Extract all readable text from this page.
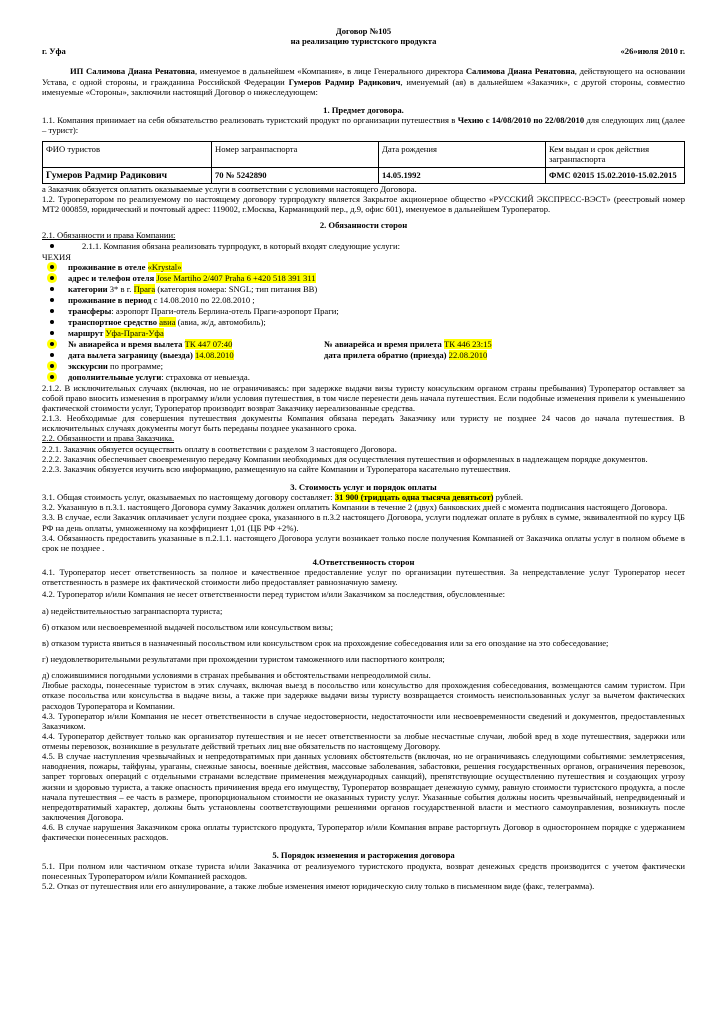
Договор №105

на реализацию туристского продукта

г. Уфа	«26»июля 2010 г.

ИП Салимова Диана Ренатовна, именуемое в дальнейшем «Компания», в лице Генерального директора Салимова Диана Ренатовна, действующего на основании Устава, с одной стороны, и гражданина Российской Федерации Гумеров Радмир Радикович, именуемый (ая) в дальнейшем «Заказчик», с другой стороны, совместно именуемые «Стороны», заключили настоящий Договор о нижеследующем:

1. Предмет договора.

1.1. Компания принимает на себя обязательство реализовать туристский продукт по организации путешествия в Чехию с 14/08/2010 по 22/08/2010 для следующих лиц (далее – турист):

ФИО туристов	Номер загранпаспорта	Дата рождения	Кем выдан и срок действия загранпаспорта
Гумеров Радмир Радикович	70 № 5242890	14.05.1992	ФМС 02015 15.02.2010-15.02.2015

а Заказчик обязуется оплатить оказываемые услуги в соответствии с условиями настоящего Договора.

1.2. Туроператором по реализуемому по настоящему договору турпродукту является Закрытое акционерное общество «РУССКИЙ ЭКСПРЕСС-ВЭСТ» (реестровый номер МТ2 000859, юридический и почтовый адрес: 119002, г.Москва, Карманицкий пер., д.9, офис 601), именуемое в дальнейшем Туроператор.

2. Обязанности сторон

2.1. Обязанности и права Компании:

2.1.1. Компания обязана реализовать турпродукт, в который входят следующие услуги:

ЧЕХИЯ

проживание в отеле «Krystal»
адрес и телефон отеля Jose Martiho 2/407 Praha 6 +420 518 391 311
категории 3* в г. Прага (категория номера: SNGL; тип питания BB)
проживание в период с 14.08.2010 по 22.08.2010 ;
трансферы: аэропорт Праги-отель Берлина-отель Праги-аэропорт Праги;
транспортное средство авиа (авиа, ж/д, автомобиль);
маршрут Уфа-Прага-Уфа
№ авиарейса и время вылета ТК 447 07:40	№ авиарейса и время прилета ТК 446 23:15
дата вылета заграницу (выезда) 14.08.2010	дата прилета обратно (приезда) 22.08.2010
экскурсии по программе;
дополнительные услуги: страховка от невыезда.

2.1.2. В исключительных случаях (включая, но не ограничиваясь: при задержке выдачи визы туристу консульским органом страны пребывания) Туроператор оставляет за собой право вносить изменения в программу и/или условия путешествия, в том числе перенести день начала путешествия. Если подобные изменения привели к уменьшению фактической стоимости услуг, Туроператор производит возврат Заказчику нереализованные средства.

2.1.3. Необходимые для совершения путешествия документы Компания обязана передать Заказчику или туристу не позднее 24 часов до начала путешествия. В исключительных случаях документы могут быть переданы позднее указанного срока.

2.2. Обязанности и права Заказчика.

2.2.1. Заказчик обязуется осуществить оплату в соответствии с разделом 3 настоящего Договора.

2.2.2. Заказчик обеспечивает своевременную передачу Компании необходимых для осуществления путешествия и оформленных в надлежащем порядке документов.

2.2.3. Заказчик обязуется изучить всю информацию, размещенную на сайте Компании и Туроператора касательно путешествия.

3. Стоимость услуг и порядок оплаты

3.1. Общая стоимость услуг, оказываемых по настоящему договору составляет: 31 900 (тридцать одна тысяча девятьсот) рублей.

3.2. Указанную в п.3.1. настоящего Договора сумму Заказчик должен оплатить Компании в течение 2 (двух) банковских дней с момента подписания настоящего Договора.

3.3. В случае, если Заказчик оплачивает услуги позднее срока, указанного в п.3.2 настоящего Договора, услуги подлежат оплате в рублях в сумме, эквивалентной по курсу ЦБ РФ на день оплаты, умноженному на коэффициент 1,01 (ЦБ РФ +2%).

3.4. Обязанность предоставить указанные в п.2.1.1. настоящего Договора услуги возникает только после получения Компанией от Заказчика оплаты услуг в полном объеме в срок не позднее .

4.Ответственность сторон

4.1. Туроператор несет ответственность за полное и качественное предоставление услуг по организации путешествия. За непредставление услуг Туроператор несет ответственность в размере их фактической стоимости либо предоставляет равнозначную замену.

4.2. Туроператор и/или Компания не несет ответственности перед туристом и/или Заказчиком за последствия, обусловленные:

а) недействительностью загранпаспорта туриста;

б) отказом или несвоевременной выдачей посольством или консульством визы;

в) отказом туриста явиться в назначенный посольством или консульством срок на прохождение собеседования или за его опоздание на это собеседование;

г) неудовлетворительными результатами при прохождении туристом таможенного или паспортного контроля;

д) сложившимися погодными условиями в странах пребывания и обстоятельствами непреодолимой силы.

Любые расходы, понесенные туристом в этих случаях, включая выезд в посольство или консульство для прохождения собеседования, возмещаются самим туристом. При отказе посольства или консульства в выдаче визы, а также при задержке выдачи визы туристу возвращается стоимость неиспользованных услуг за вычетом фактических расходов Туроператора и Компании.

4.3. Туроператор и/или Компания не несет ответственности в случае недостоверности, недостаточности или несвоевременности сведений и документов, предоставленных Заказчиком.

4.4. Туроператор действует только как организатор путешествия и не несет ответственности за любые несчастные случаи, любой вред в ходе путешествия, задержки или отмены перевозок, возникшие в результате действий третьих лиц вне обязательств по настоящему Договору.

4.5. В случае наступления чрезвычайных и непредотвратимых при данных условиях обстоятельств (включая, но не ограничиваясь следующими событиями: землетрясения, наводнения, пожары, тайфуны, ураганы, снежные заносы, военные действия, массовые заболевания, забастовки, решения государственных органов, ограничения перевозок, запрет торговых операций с отдельными странами вследствие применения международных санкций), препятствующие осуществлению путешествия и создающих угрозу жизни и здоровью туриста, а также опасность причинения вреда его имуществу, Туроператор возвращает денежную сумму, равную стоимости туристского продукта, а после начала путешествия – ее часть в размере, пропорциональном стоимости не оказанных туристу услуг. Указанные события должны носить чрезвычайный, непредвиденный и непредотвратимый характер, должны быть установлены соответствующими решениями органов государственной власти и местного самоуправления, возникнуть после заключения Договора.

4.6. В случае нарушения Заказчиком срока оплаты туристского продукта, Туроператор и/или Компания вправе расторгнуть Договор в одностороннем порядке с удержанием фактически понесенных расходов.

5. Порядок изменения и расторжения договора

5.1. При полном или частичном отказе туриста и/или Заказчика от реализуемого туристского продукта, возврат денежных средств производится с учетом фактически понесенных Туроператором и/или Компанией расходов.

5.2. Отказ от путешествия или его аннулирование, а также любые изменения имеют юридическую силу только в письменном виде (факс, телеграмма).
